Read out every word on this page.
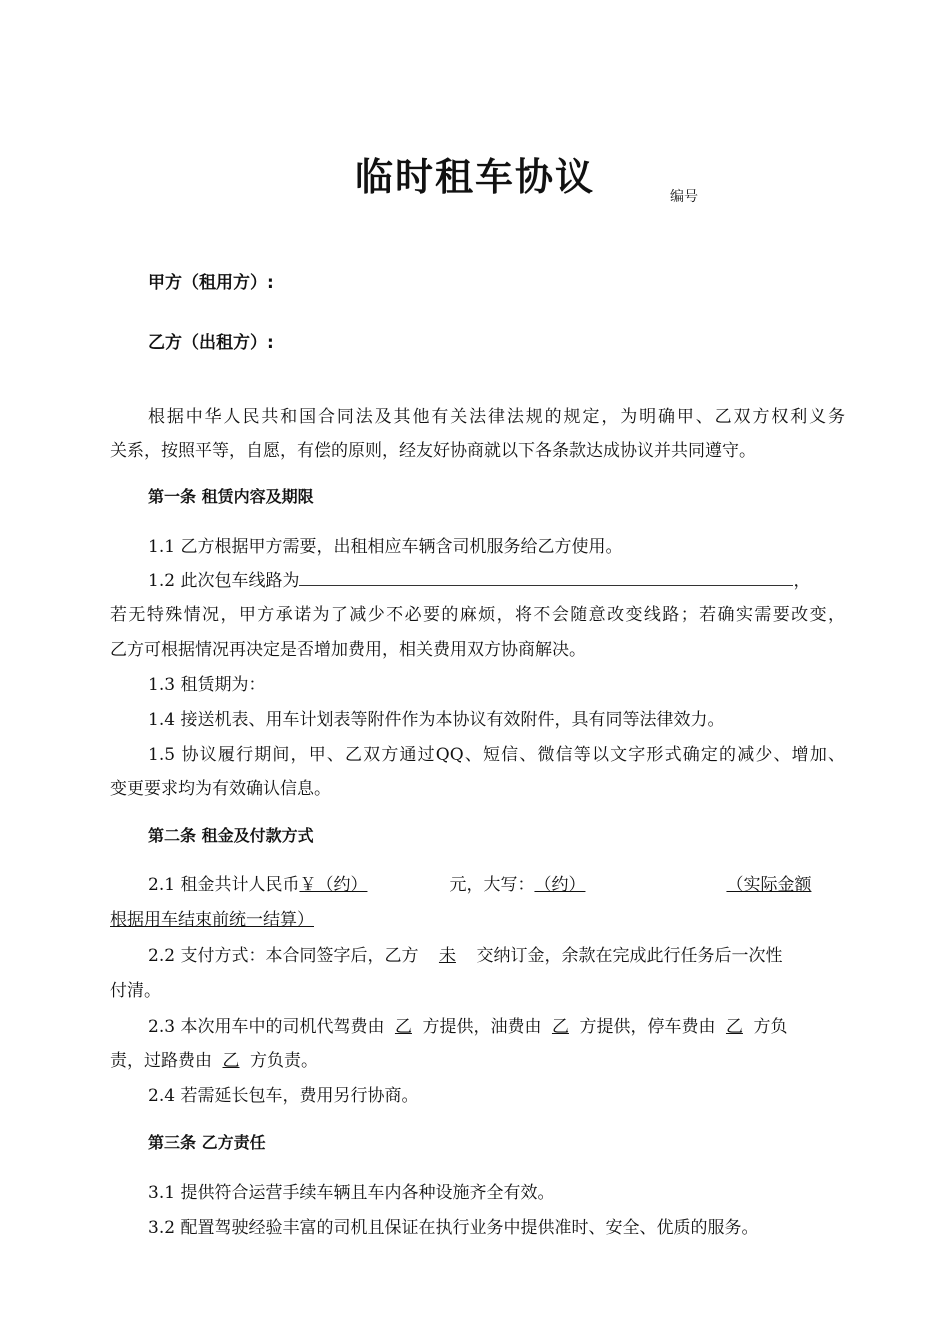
临时租车协议	编号
甲方（租用方）:
乙方（出租方）:
根据中华人民共和国合同法及其他有关法律法规的规定，为明确甲、乙双方权利义务
关系，按照平等，自愿，有偿的原则，经友好协商就以下各条款达成协议并共同遵守。
第一条 租赁内容及期限
1.1 乙方根据甲方需要，出租相应车辆含司机服务给乙方使用。
1.2 此次包车线路为	，
若无特殊情况，甲方承诺为了减少不必要的麻烦，将不会随意改变线路；若确实需要改变，
乙方可根据情况再决定是否增加费用，相关费用双方协商解决。
1.3 租赁期为：
1.4 接送机表、用车计划表等附件作为本协议有效附件，具有同等法律效力。
1.5 协议履行期间，甲、乙双方通过QQ、短信、微信等以文字形式确定的减少、增加、
变更要求均为有效确认信息。
第二条 租金及付款方式
2.1 租金共计人民币￥（约）	元，大写：（约）	（实际金额
根据用车结束前统一结算）
2.2 支付方式：本合同签字后，乙方 未 交纳订金，余款在完成此行任务后一次性
付清。
2.3 本次用车中的司机代驾费由 乙 方提供，油费由 乙 方提供，停车费由 乙 方负
责，过路费由 乙 方负责。
2.4 若需延长包车，费用另行协商。
第三条 乙方责任
3.1 提供符合运营手续车辆且车内各种设施齐全有效。
3.2 配置驾驶经验丰富的司机且保证在执行业务中提供准时、安全、优质的服务。
